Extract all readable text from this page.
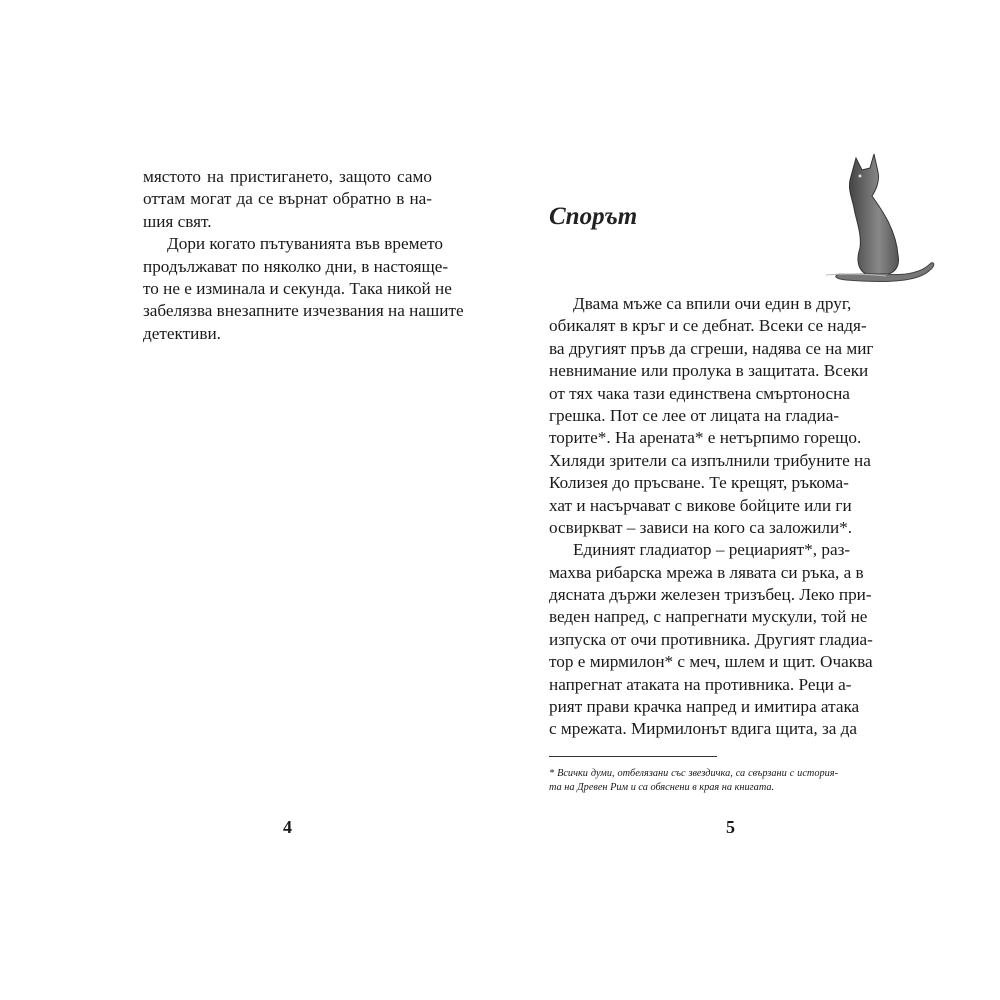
мястото на пристигането, защото само
оттам могат да се върнат обратно в на-
шия свят.
Дори когато пътуванията във времето
продължават по няколко дни, в настояще-
то не е изминала и секунда. Така никой не
забелязва внезапните изчезвания на нашите
детективи.
4
Спорът
Двама мъже са впили очи един в друг,
обикалят в кръг и се дебнат. Всеки се надя-
ва другият пръв да сгреши, надява се на миг
невнимание или пролука в защитата. Всеки
от тях чака тази единствена смъртоносна
грешка. Пот се лее от лицата на гладиа-
торите*. На арената* е нетърпимо горещо.
Хиляди зрители са изпълнили трибуните на
Колизея до пръсване. Те крещят, ръкома-
хат и насърчават с викове бойците или ги
освиркват – зависи на кого са заложили*.
Единият гладиатор – рециарият*, раз-
махва рибарска мрежа в лявата си ръка, а в
дясната държи железен тризъбец. Леко при-
веден напред, с напрегнати мускули, той не
изпуска от очи противника. Другият гладиа-
тор е мирмилон* с меч, шлем и щит. Очаква
напрегнат атаката на противника. Реци а-
рият прави крачка напред и имитира атака
с мрежата. Мирмилонът вдига щита, за да
* Всички думи, отбелязани със звездичка, са свързани с история-
та на Древен Рим и са обяснени в края на книгата.
5
